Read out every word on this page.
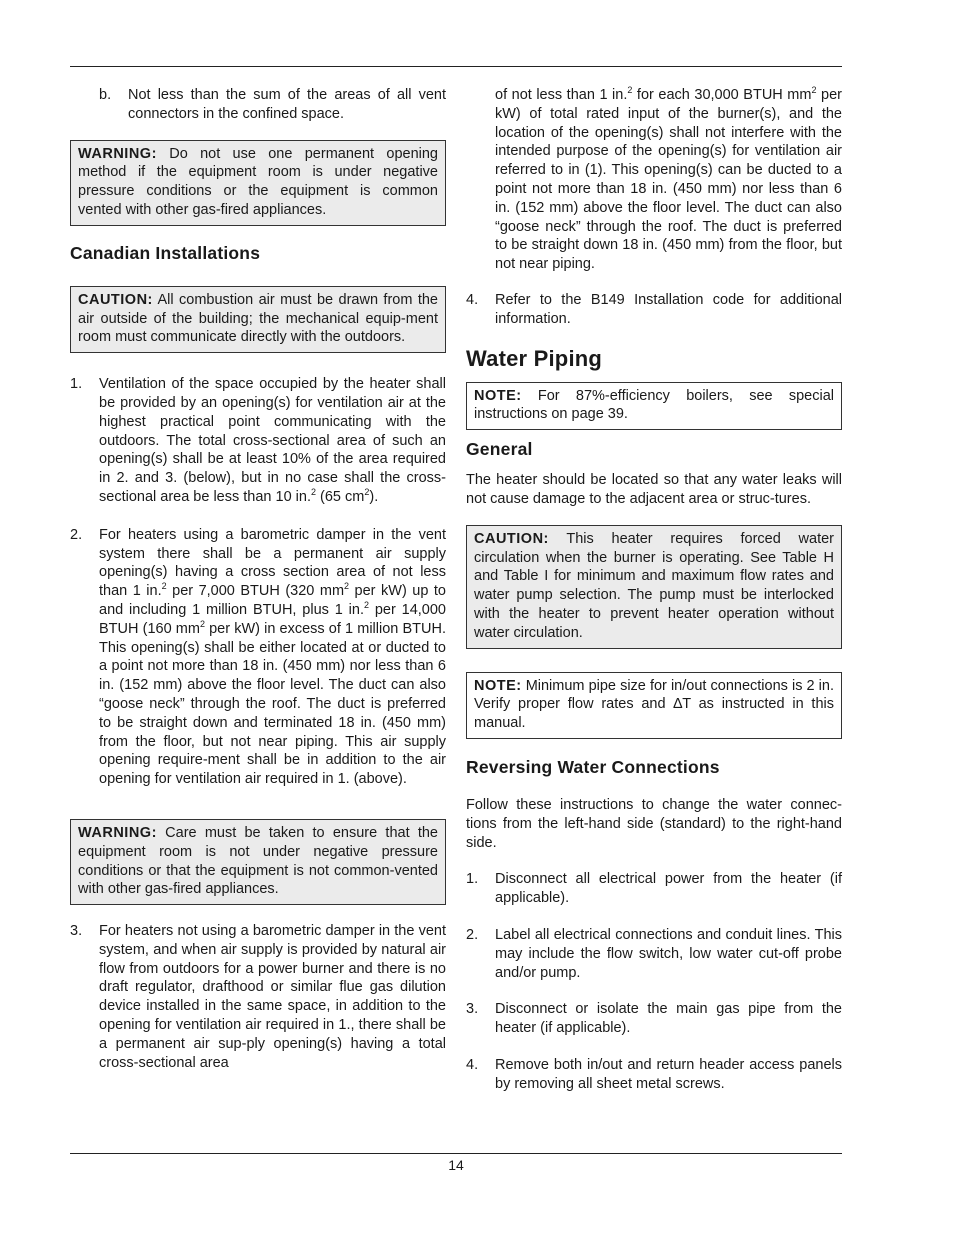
b.	Not less than the sum of the areas of all vent connectors in the confined space.
WARNING: Do not use one permanent opening method if the equipment room is under negative pressure conditions or the equipment is common vented with other gas-fired appliances.
Canadian Installations
CAUTION: All combustion air must be drawn from the air outside of the building; the mechanical equip-ment room must communicate directly with the outdoors.
1.	Ventilation of the space occupied by the heater shall be provided by an opening(s) for ventilation air at the highest practical point communicating with the outdoors. The total cross-sectional area of such an opening(s) shall be at least 10% of the area required in 2. and 3. (below), but in no case shall the cross-sectional area be less than 10 in.$^2$ (65 $cm^2$).
2.	For heaters using a barometric damper in the vent system there shall be a permanent air supply opening(s) having a cross section area of not less than 1 in.$^2$ per 7,000 BTUH (320 $mm^2$ per kW) up to and including 1 million BTUH, plus 1 in.$^2$ per 14,000 BTUH (160 $mm^2$ per kW) in excess of 1 million BTUH. This opening(s) shall be either located at or ducted to a point not more than 18 in. (450 mm) nor less than 6 in. (152 mm) above the floor level. The duct can also “goose neck” through the roof. The duct is preferred to be straight down and terminated 18 in. (450 mm) from the floor, but not near piping. This air supply opening require-ment shall be in addition to the air opening for ventilation air required in 1. (above).
WARNING: Care must be taken to ensure that the equipment room is not under negative pressure conditions or that the equipment is not common-vented with other gas-fired appliances.
3.	For heaters not using a barometric damper in the vent system, and when air supply is provided by natural air flow from outdoors for a power burner and there is no draft regulator, drafthood or similar flue gas dilution device installed in the same space, in addition to the opening for ventilation air required in 1., there shall be a permanent air sup-ply opening(s) having a total cross-sectional area

of not less than 1 in.$^2$ for each 30,000 BTUH $mm^2$ per kW) of total rated input of the burner(s), and the location of the opening(s) shall not interfere with the intended purpose of the opening(s) for ventilation air referred to in (1). This opening(s) can be ducted to a point not more than 18 in. (450 mm) nor less than 6 in. (152 mm) above the floor level. The duct can also “goose neck” through the roof. The duct is preferred to be straight down 18 in. (450 mm) from the floor, but not near piping.

4.	Refer to the B149 Installation code for additional information.
Water Piping
NOTE: For 87%-efficiency boilers, see special instructions on page 39.
General

The heater should be located so that any water leaks will not cause damage to the adjacent area or struc-tures.

CAUTION: This heater requires forced water circulation when the burner is operating. See Table H and Table I for minimum and maximum flow rates and water pump selection. The pump must be interlocked with the heater to prevent heater operation without water circulation.
NOTE: Minimum pipe size for in/out connections is 2 in. Verify proper flow rates and ∆T as instructed in this manual.
Reversing Water Connections

Follow these instructions to change the water connec-tions from the left-hand side (standard) to the right-hand side.

1.	Disconnect all electrical power from the heater (if applicable).
2.	Label all electrical connections and conduit lines. This may include the flow switch, low water cut-off probe and/or pump.
3.	Disconnect or isolate the main gas pipe from the heater (if applicable).
4.	Remove both in/out and return header access panels by removing all sheet metal screws.
14
